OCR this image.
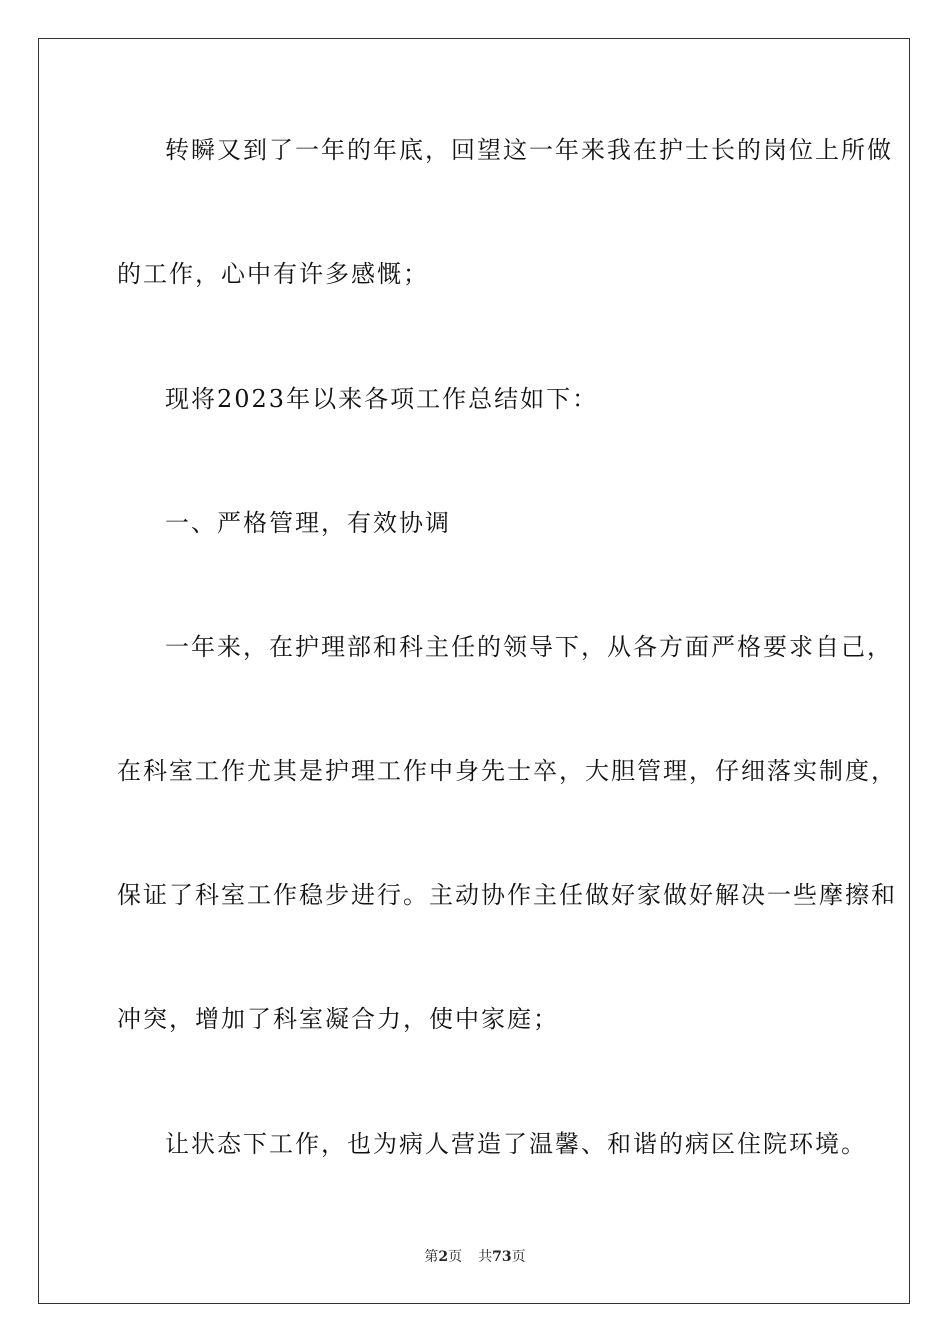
转瞬又到了一年的年底，回望这一年来我在护士长的岗位上所做
的工作，心中有许多感慨；
现将2023年以来各项工作总结如下：
一、严格管理，有效协调
一年来，在护理部和科主任的领导下，从各方面严格要求自己，
在科室工作尤其是护理工作中身先士卒，大胆管理，仔细落实制度，
保证了科室工作稳步进行。主动协作主任做好家做好解决一些摩擦和
冲突，增加了科室凝合力，使中家庭；
让状态下工作，也为病人营造了温馨、和谐的病区住院环境。
第2页 共73页
